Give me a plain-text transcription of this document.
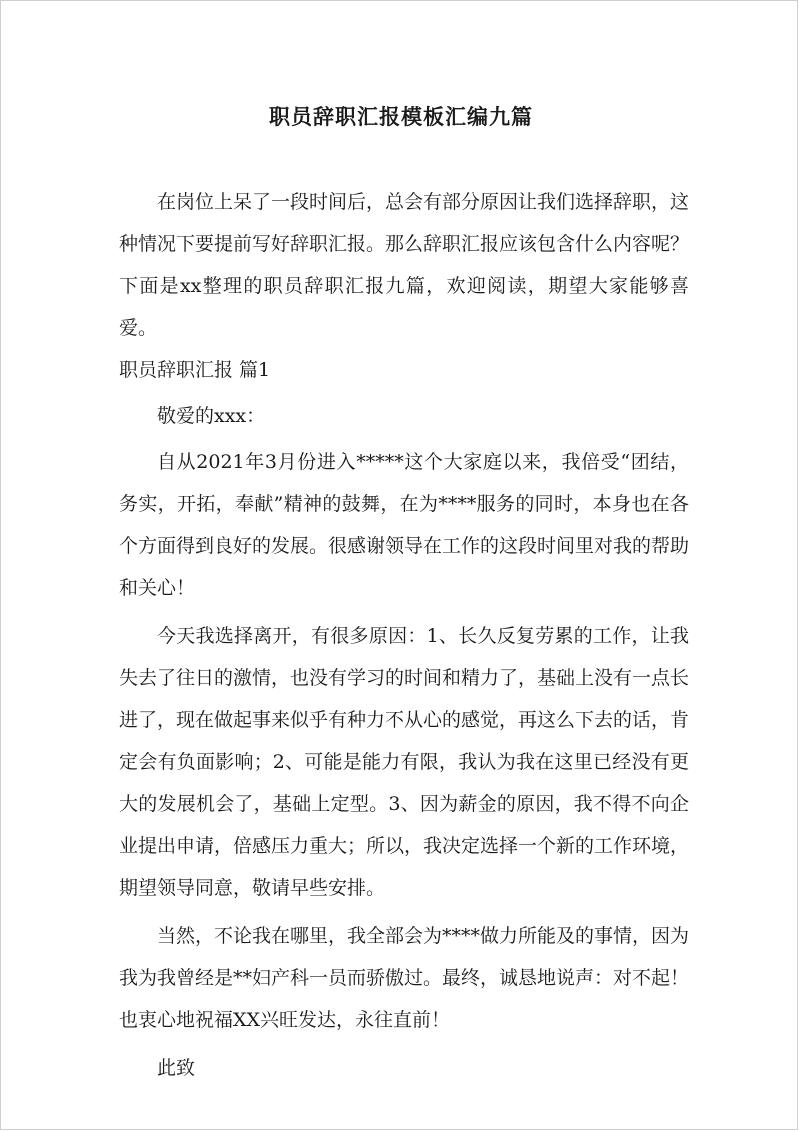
职员辞职汇报模板汇编九篇

在岗位上呆了一段时间后，总会有部分原因让我们选择辞职，这种情况下要提前写好辞职汇报。那么辞职汇报应该包含什么内容呢？下面是xx整理的职员辞职汇报九篇，欢迎阅读，期望大家能够喜爱。

职员辞职汇报 篇1

敬爱的xxx：

自从2021年3月份进入*****这个大家庭以来，我倍受“团结，务实，开拓，奉献”精神的鼓舞，在为****服务的同时，本身也在各个方面得到良好的发展。很感谢领导在工作的这段时间里对我的帮助和关心！

今天我选择离开，有很多原因：1、长久反复劳累的工作，让我失去了往日的激情，也没有学习的时间和精力了，基础上没有一点长进了，现在做起事来似乎有种力不从心的感觉，再这么下去的话，肯定会有负面影响；2、可能是能力有限，我认为我在这里已经没有更大的发展机会了，基础上定型。3、因为薪金的原因，我不得不向企业提出申请，倍感压力重大；所以，我决定选择一个新的工作环境，期望领导同意，敬请早些安排。

当然，不论我在哪里，我全部会为****做力所能及的事情，因为我为我曾经是**妇产科一员而骄傲过。最终，诚恳地说声：对不起！也衷心地祝福XX兴旺发达，永往直前！

此致
